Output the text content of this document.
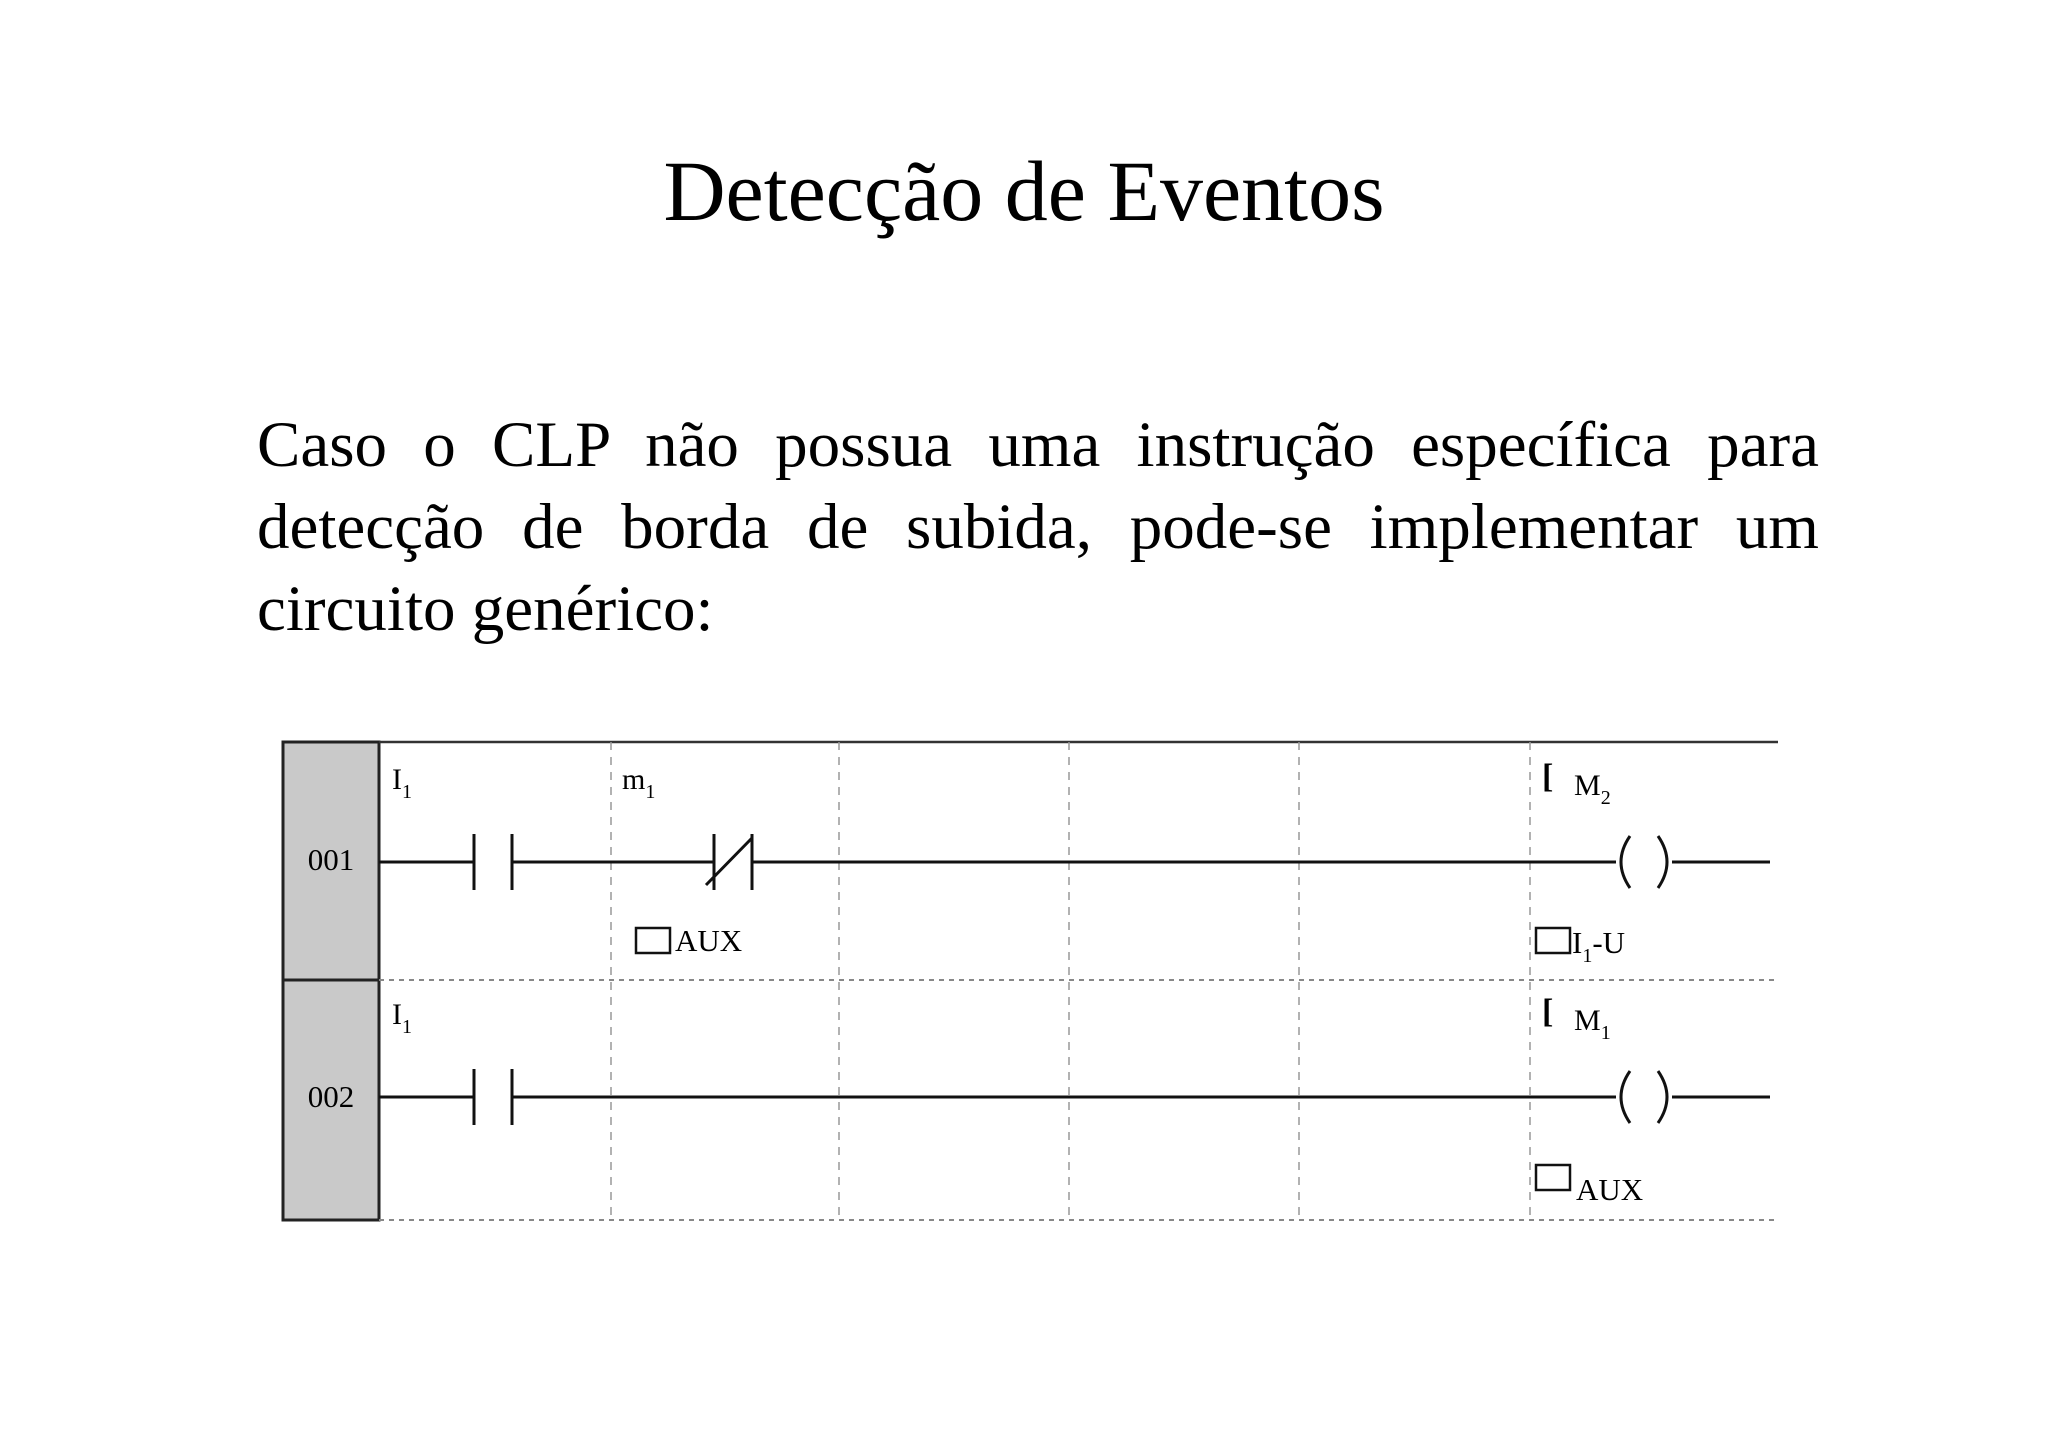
Detecção de Eventos
Caso o CLP não possua uma instrução específica para detecção de borda de subida, pode-se implementar um circuito genérico:
001
002
$I_1$	$m_1$
AUX
[ $M_2$
$I_1-U$
$I_1$	[ $M_1$
AUX
